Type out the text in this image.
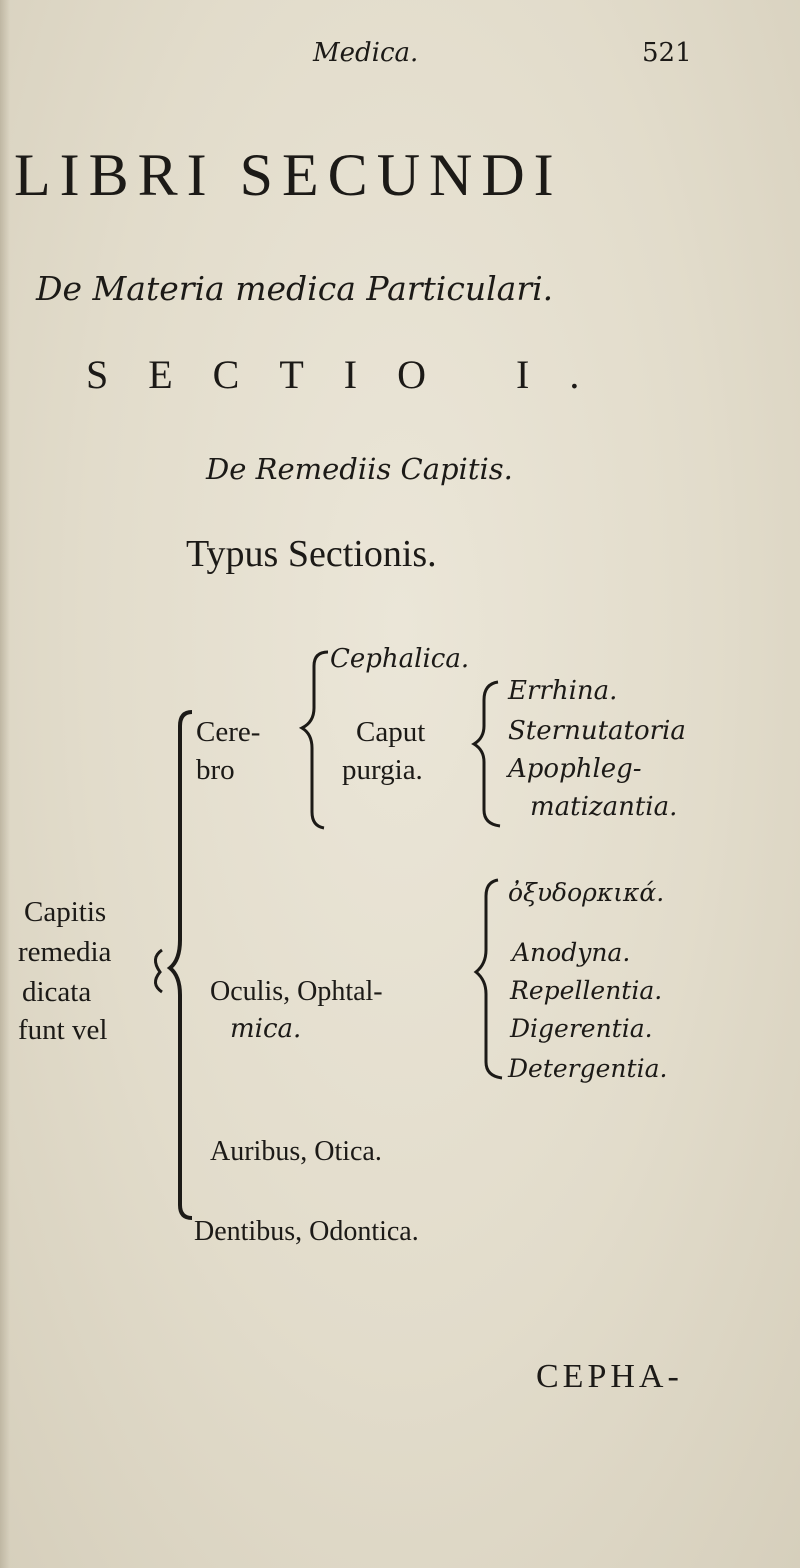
Medica.	521
LIBRI SECUNDI
De Materia medica Particulari.
SECTIO I.
De Remediis Capitis.
Typus Sectionis.
Cephalica.
Cere-
bro
Caput
purgia.
Errhina.
Sternutatoria
Apophleg-
matizantia.
Capitis
remedia
dicata
funt vel
Oculis, Ophtal-
mica.
ὀξυδορκικά.
Anodyna.
Repellentia.
Digerentia.
Detergentia.
Auribus, Otica.
Dentibus, Odontica.
CEPHA-
